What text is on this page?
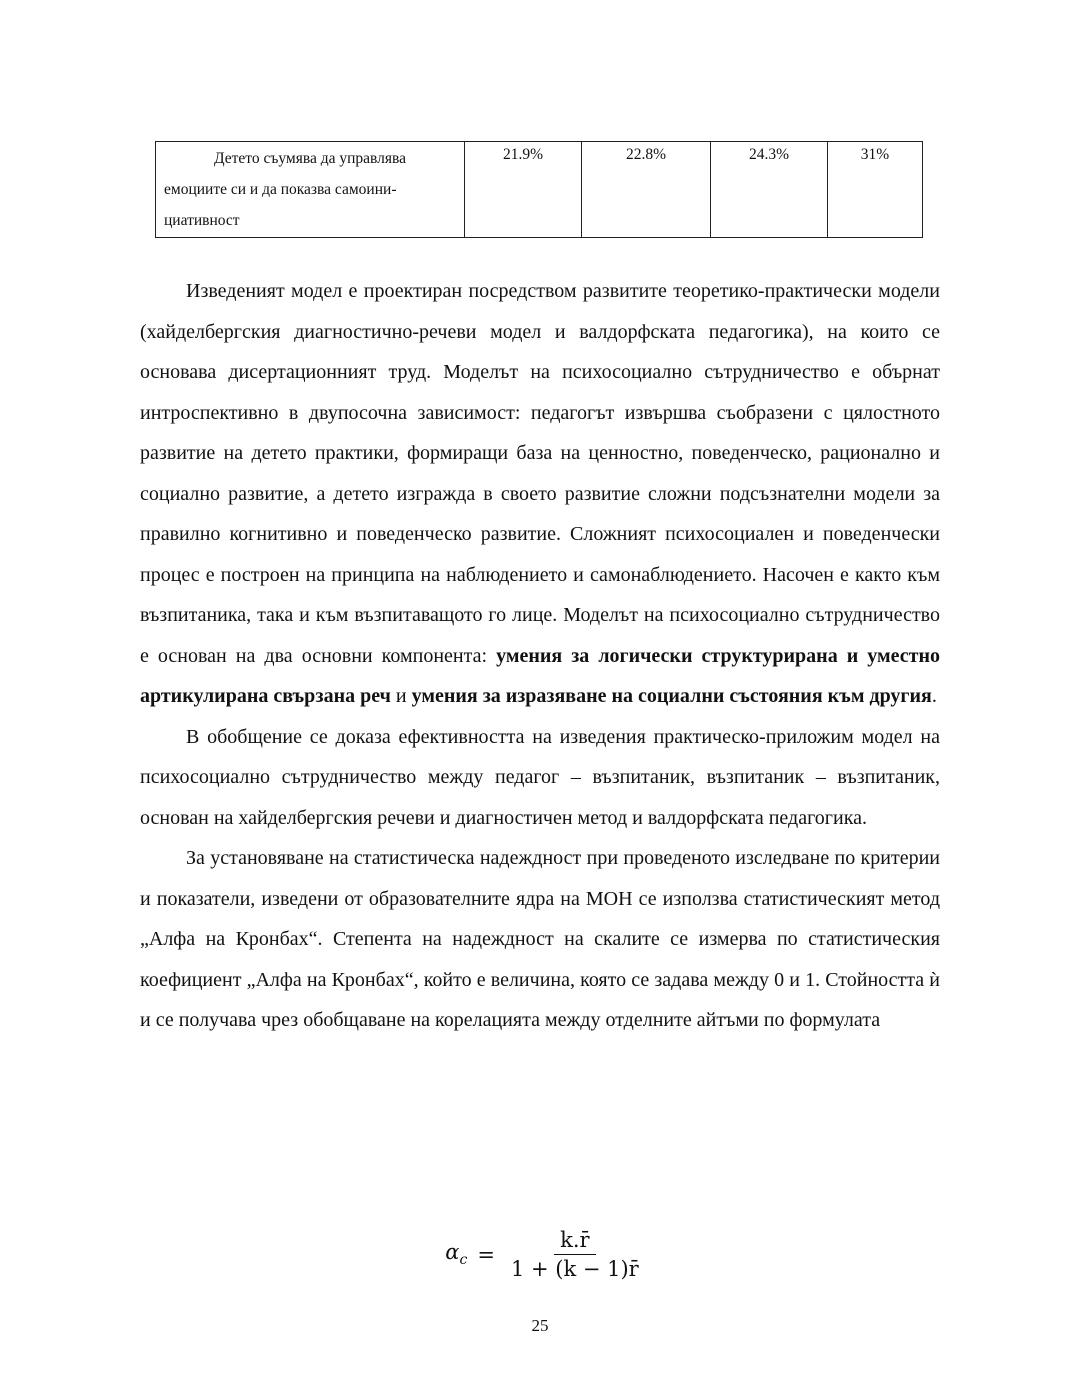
Детето съумява да управлява
емоциите си и да показва самоини-
циативност	21.9%	22.8%	24.3%	31%

Изведеният модел е проектиран посредством развитите теоретико-практически модели (хайделбергския диагностично-речеви модел и валдорфската педагогика), на които се основава дисертационният труд. Моделът на психосоциално сътрудничество е обърнат интроспективно в двупосочна зависимост: педагогът извършва съобразени с цялостното развитие на детето практики, формиращи база на ценностно, поведенческо, рационално и социално развитие, а детето изгражда в своето развитие сложни подсъзнателни модели за правилно когнитивно и поведенческо развитие. Сложният психосоциален и поведенчески процес е построен на принципа на наблюдението и самонаблюдението. Насочен е както към възпитаника, така и към възпитаващото го лице. Моделът на психосоциално сътрудничество е основан на два основни компонента: умения за логически структурирана и уместно артикулирана свързана реч и умения за изразяване на социални състояния към другия.

В обобщение се доказа ефективността на изведения практическо-приложим модел на психосоциално сътрудничество между педагог – възпитаник, възпитаник – възпитаник, основан на хайделбергския речеви и диагностичен метод и валдорфската педагогика.

За установяване на статистическа надеждност при проведеното изследване по критерии и показатели, изведени от образователните ядра на МОН се използва статистическият метод „Алфа на Кронбах“. Степента на надеждност на скалите се измерва по статистическия коефициент „Алфа на Кронбах“, който е величина, която се задава между 0 и 1. Стойността ѝ и се получава чрез обобщаване на корелацията между отделните айтъми по формулата

$\alpha_c = \frac{k.r̄}{1 + (k - 1)r̄}$
25
